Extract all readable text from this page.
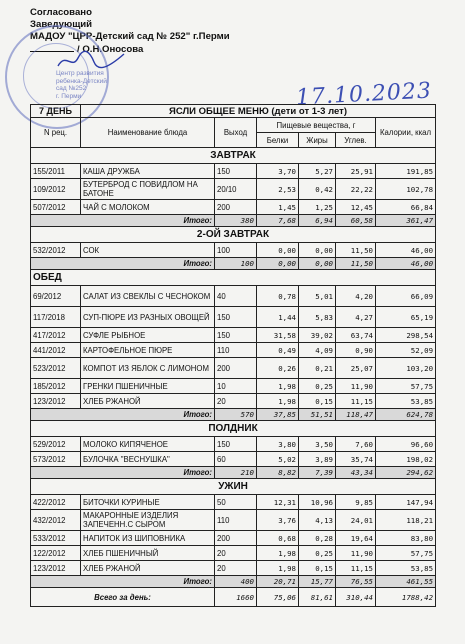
Согласовано
Заведующий
МАДОУ "ЦРР-Детский сад № 252" г.Перми
/ О.Н.Оносова
Центр развития
ребенка-Детский
сад №252
г. Перми	17.10.2023
7 ДЕНЬ	ЯСЛИ ОБЩЕЕ МЕНЮ (дети от 1-3 лет)					
N рец.	Наименование блюда	Выход	Пищевые вещества, г			Калории, ккал
			Белки	Жиры	Углев.	
ЗАВТРАК						
155/2011	КАША ДРУЖБА	150	3,70	5,27	25,91	191,85
109/2012	БУТЕРБРОД С ПОВИДЛОМ НА БАТОНЕ	20/10	2,53	0,42	22,22	102,78
507/2012	ЧАЙ С МОЛОКОМ	200	1,45	1,25	12,45	66,84
Итого:		380	7,68	6,94	60,58	361,47
2-ОЙ ЗАВТРАК						
532/2012	СОК	100	0,00	0,00	11,50	46,00
Итого:		100	0,00	0,00	11,50	46,00
ОБЕД						
69/2012	САЛАТ ИЗ СВЕКЛЫ С ЧЕСНОКОМ	40	0,78	5,01	4,20	66,09
117/2018	СУП-ПЮРЕ ИЗ РАЗНЫХ ОВОЩЕЙ	150	1,44	5,83	4,27	65,19
417/2012	СУФЛЕ РЫБНОЕ	150	31,58	39,02	63,74	298,54
441/2012	КАРТОФЕЛЬНОЕ ПЮРЕ	110	0,49	4,09	0,90	52,09
523/2012	КОМПОТ ИЗ ЯБЛОК С ЛИМОНОМ	200	0,26	0,21	25,07	103,20
185/2012	ГРЕНКИ ПШЕНИЧНЫЕ	10	1,98	0,25	11,90	57,75
123/2012	ХЛЕБ РЖАНОЙ	20	1,98	0,15	11,15	53,85
Итого:		570	37,85	51,51	118,47	624,78
ПОЛДНИК						
529/2012	МОЛОКО КИПЯЧЕНОЕ	150	3,80	3,50	7,60	96,60
573/2012	БУЛОЧКА "ВЕСНУШКА"	60	5,02	3,89	35,74	198,02
Итого:		210	8,82	7,39	43,34	294,62
УЖИН						
422/2012	БИТОЧКИ КУРИНЫЕ	50	12,31	10,96	9,85	147,94
432/2012	МАКАРОННЫЕ ИЗДЕЛИЯ ЗАПЕЧЕНН.С СЫРОМ	110	3,76	4,13	24,01	118,21
533/2012	НАПИТОК ИЗ ШИПОВНИКА	200	0,68	0,28	19,64	83,80
122/2012	ХЛЕБ ПШЕНИЧНЫЙ	20	1,98	0,25	11,90	57,75
123/2012	ХЛЕБ РЖАНОЙ	20	1,98	0,15	11,15	53,85
Итого:		400	20,71	15,77	76,55	461,55
Всего за день:		1660	75,06	81,61	310,44	1788,42
